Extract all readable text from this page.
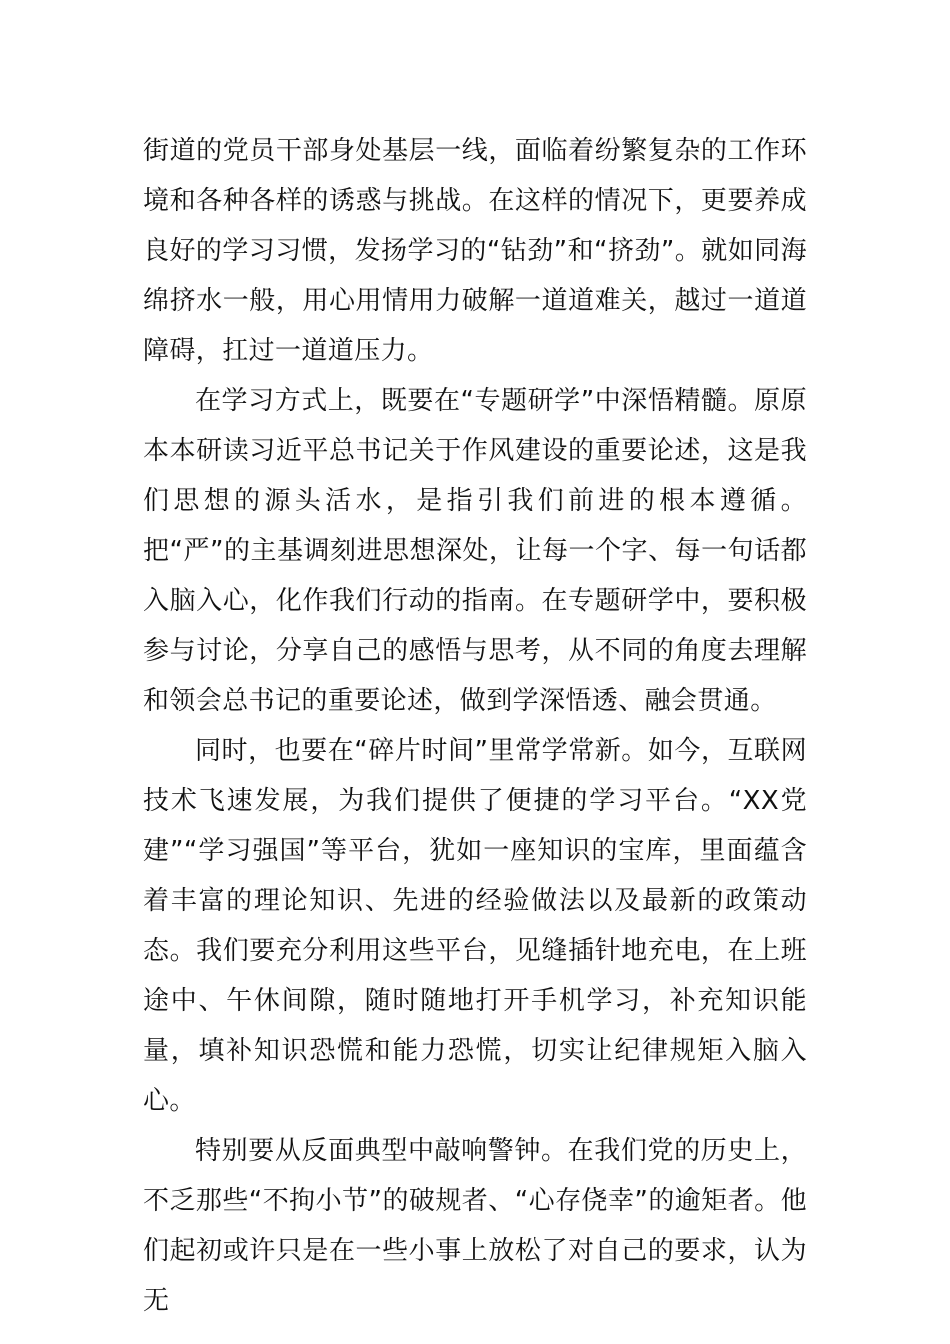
街道的党员干部身处基层一线，面临着纷繁复杂的工作环境和各种各样的诱惑与挑战。在这样的情况下，更要养成良好的学习习惯，发扬学习的“钻劲”和“挤劲”。就如同海绵挤水一般，用心用情用力破解一道道难关，越过一道道障碍，扛过一道道压力。

在学习方式上，既要在“专题研学”中深悟精髓。原原本本研读习近平总书记关于作风建设的重要论述，这是我们思想的源头活水，是指引我们前进的根本遵循。把“严”的主基调刻进思想深处，让每一个字、每一句话都入脑入心，化作我们行动的指南。在专题研学中，要积极参与讨论，分享自己的感悟与思考，从不同的角度去理解和领会总书记的重要论述，做到学深悟透、融会贯通。

同时，也要在“碎片时间”里常学常新。如今，互联网技术飞速发展，为我们提供了便捷的学习平台。“XX党建”“学习强国”等平台，犹如一座知识的宝库，里面蕴含着丰富的理论知识、先进的经验做法以及最新的政策动态。我们要充分利用这些平台，见缝插针地充电，在上班途中、午休间隙，随时随地打开手机学习，补充知识能量，填补知识恐慌和能力恐慌，切实让纪律规矩入脑入心。

特别要从反面典型中敲响警钟。在我们党的历史上，不乏那些“不拘小节”的破规者、“心存侥幸”的逾矩者。他们起初或许只是在一些小事上放松了对自己的要求，认为无
